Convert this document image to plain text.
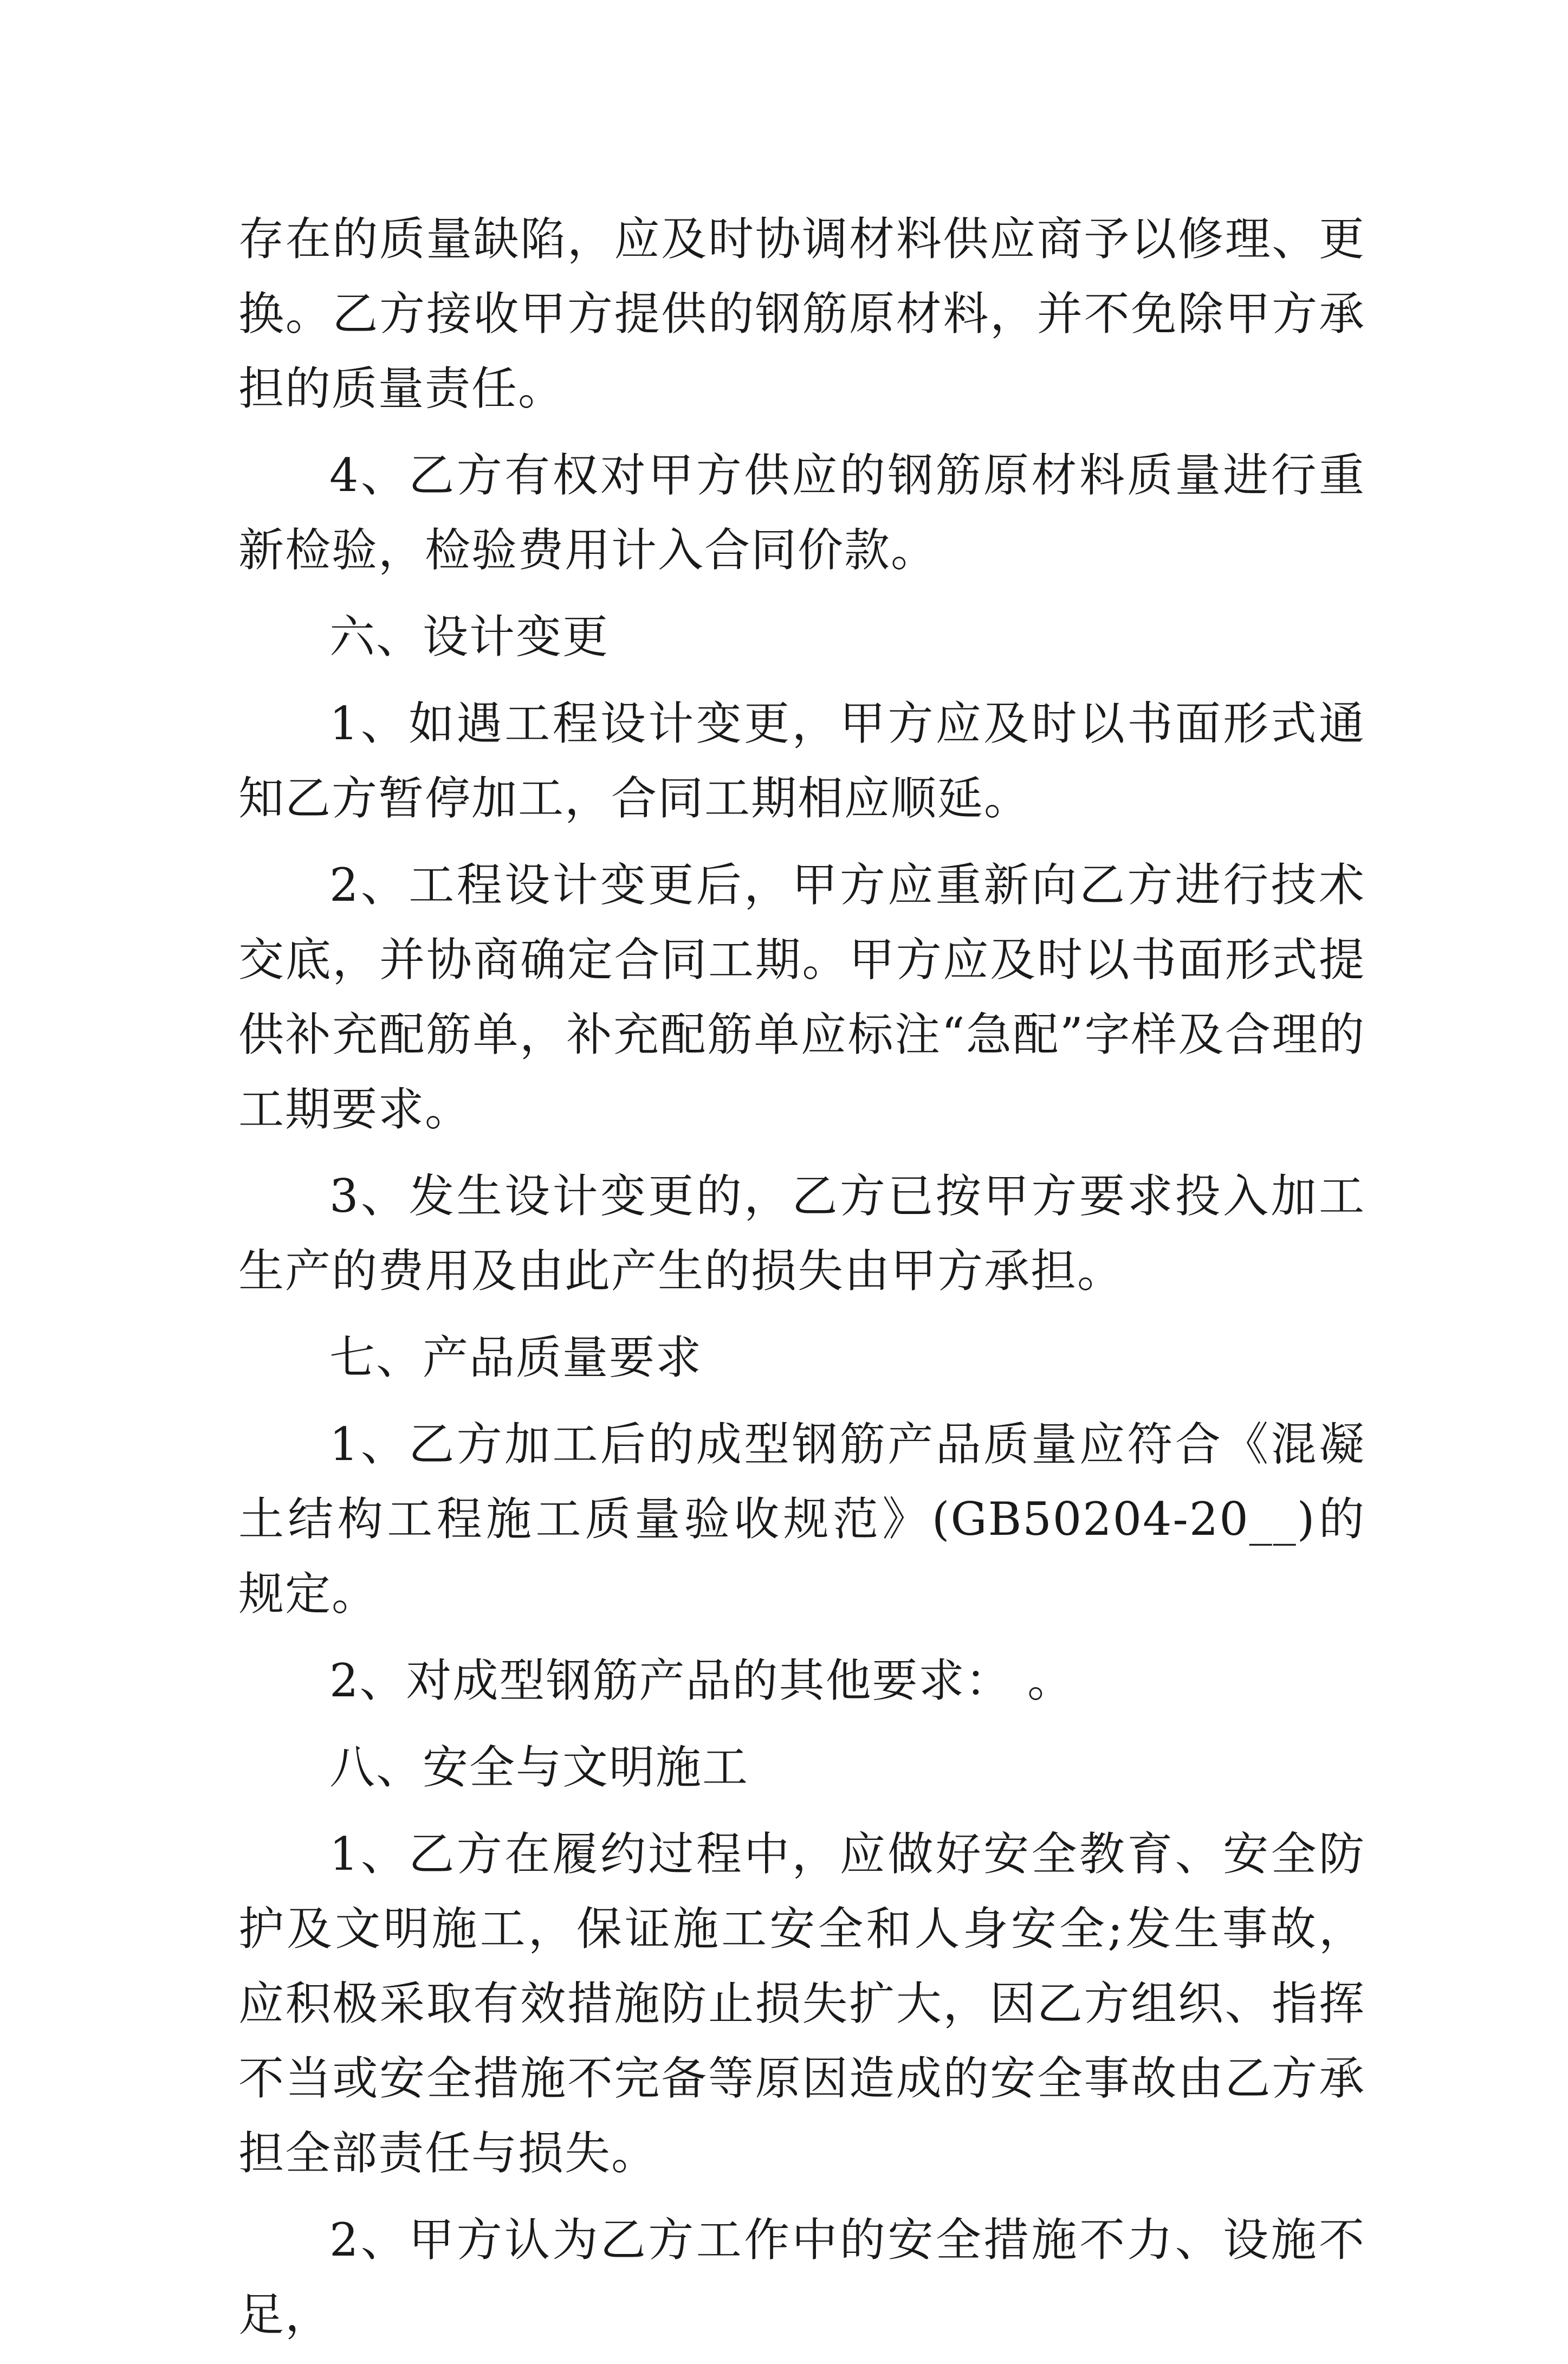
存在的质量缺陷，应及时协调材料供应商予以修理、更换。乙方接收甲方提供的钢筋原材料，并不免除甲方承担的质量责任。

4、乙方有权对甲方供应的钢筋原材料质量进行重新检验，检验费用计入合同价款。

六、设计变更

1、如遇工程设计变更，甲方应及时以书面形式通知乙方暂停加工，合同工期相应顺延。

2、工程设计变更后，甲方应重新向乙方进行技术交底，并协商确定合同工期。甲方应及时以书面形式提供补充配筋单，补充配筋单应标注“急配”字样及合理的工期要求。

3、发生设计变更的，乙方已按甲方要求投入加工生产的费用及由此产生的损失由甲方承担。

七、产品质量要求

1、乙方加工后的成型钢筋产品质量应符合《混凝土结构工程施工质量验收规范》(GB50204-20__)的规定。

2、对成型钢筋产品的其他要求： 。

八、安全与文明施工

1、乙方在履约过程中，应做好安全教育、安全防护及文明施工，保证施工安全和人身安全;发生事故，应积极采取有效措施防止损失扩大，因乙方组织、指挥不当或安全措施不完备等原因造成的安全事故由乙方承担全部责任与损失。

2、甲方认为乙方工作中的安全措施不力、设施不足，
